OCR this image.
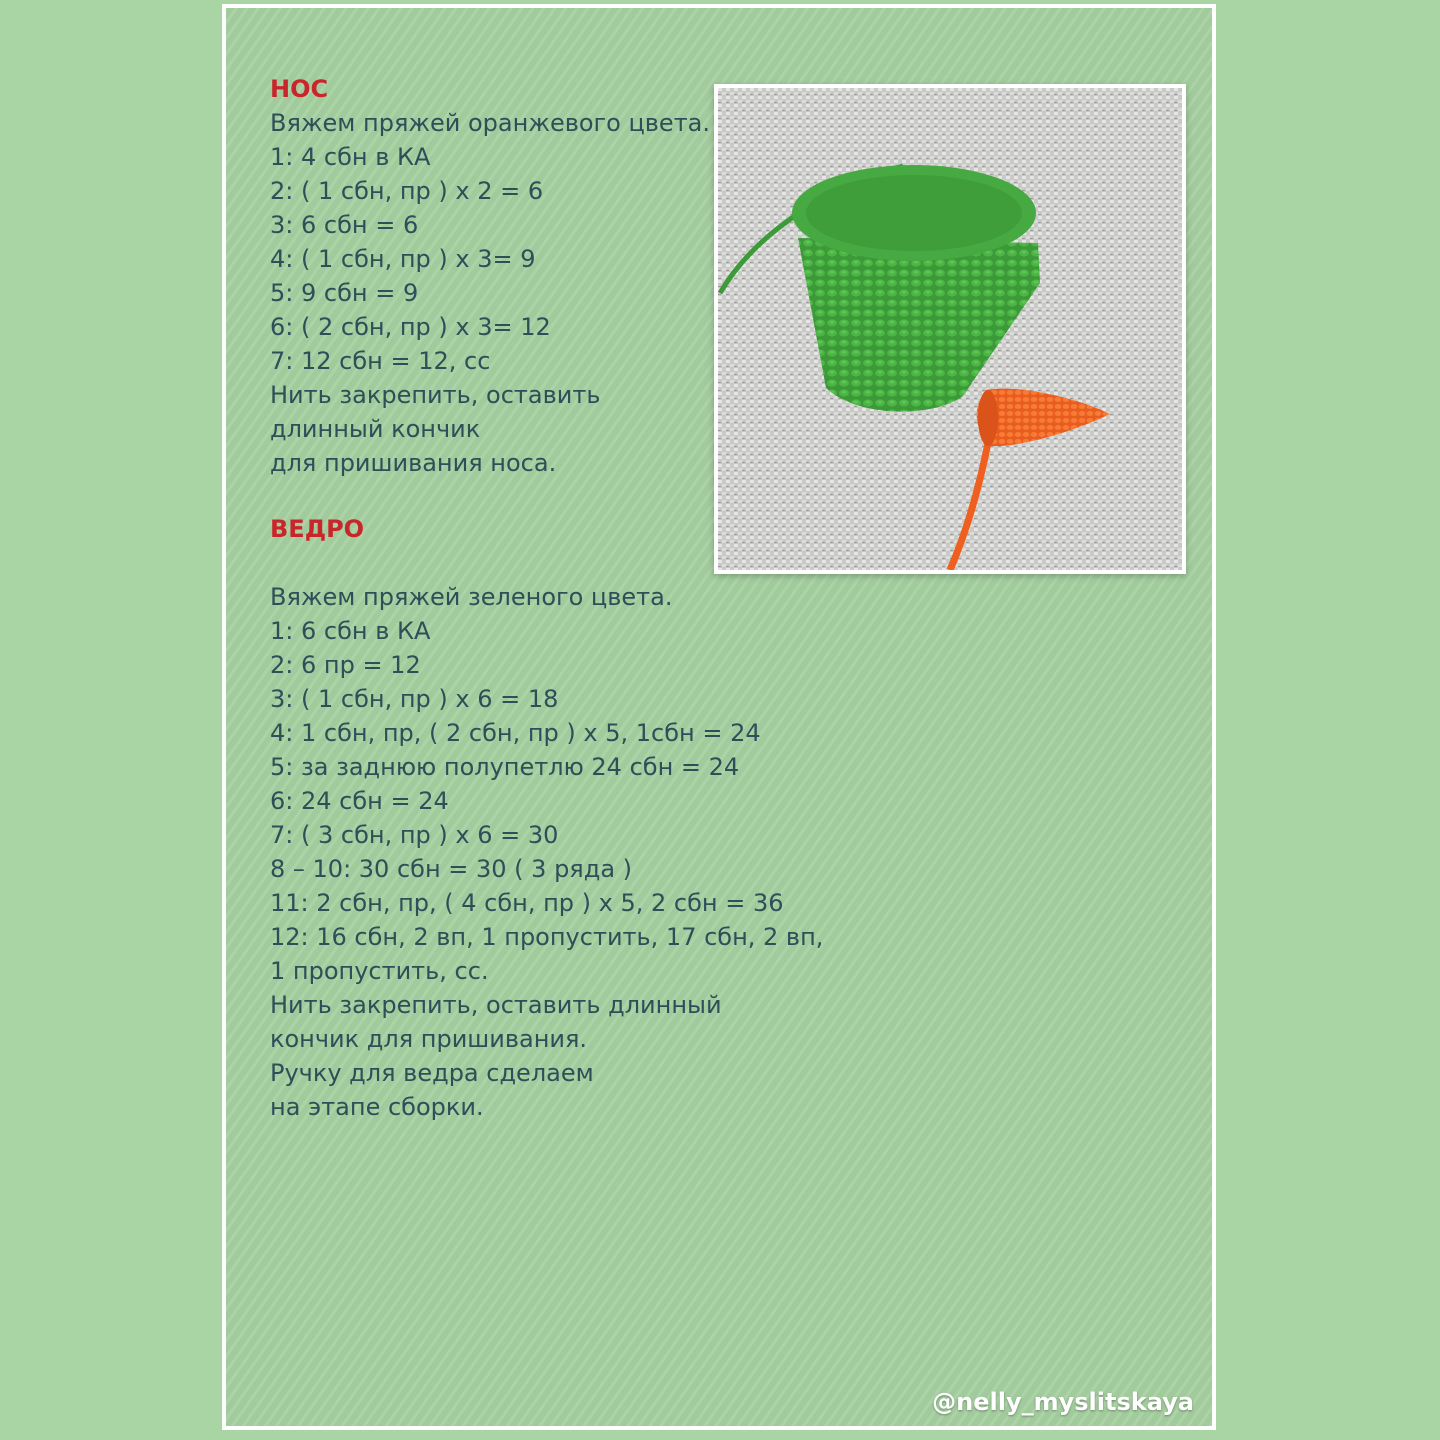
НОС
Вяжем пряжей оранжевого цвета.
1: 4 сбн в КА
2: ( 1 сбн, пр ) х 2 = 6
3: 6 сбн = 6
4: ( 1 сбн, пр ) х 3= 9
5: 9 сбн = 9
6: ( 2 сбн, пр ) х 3= 12
7: 12 сбн = 12, сс
Нить закрепить, оставить
длинный кончик
для пришивания носа.
ВЕДРО
Вяжем пряжей зеленого цвета.
1: 6 сбн в КА
2: 6 пр = 12
3: ( 1 сбн, пр ) х 6 = 18
4: 1 сбн, пр, ( 2 сбн, пр ) х 5, 1сбн = 24
5: за заднюю полупетлю 24 сбн = 24
6: 24 сбн = 24
7: ( 3 сбн, пр ) х 6 = 30
8 – 10: 30 сбн = 30 ( 3 ряда )
11: 2 сбн, пр, ( 4 сбн, пр ) х 5, 2 сбн = 36
12: 16 сбн, 2 вп, 1 пропустить, 17 сбн, 2 вп,
1 пропустить, сс.
Нить закрепить, оставить длинный
кончик для пришивания.
Ручку для ведра сделаем
на этапе сборки.

@nelly_myslitskaya
